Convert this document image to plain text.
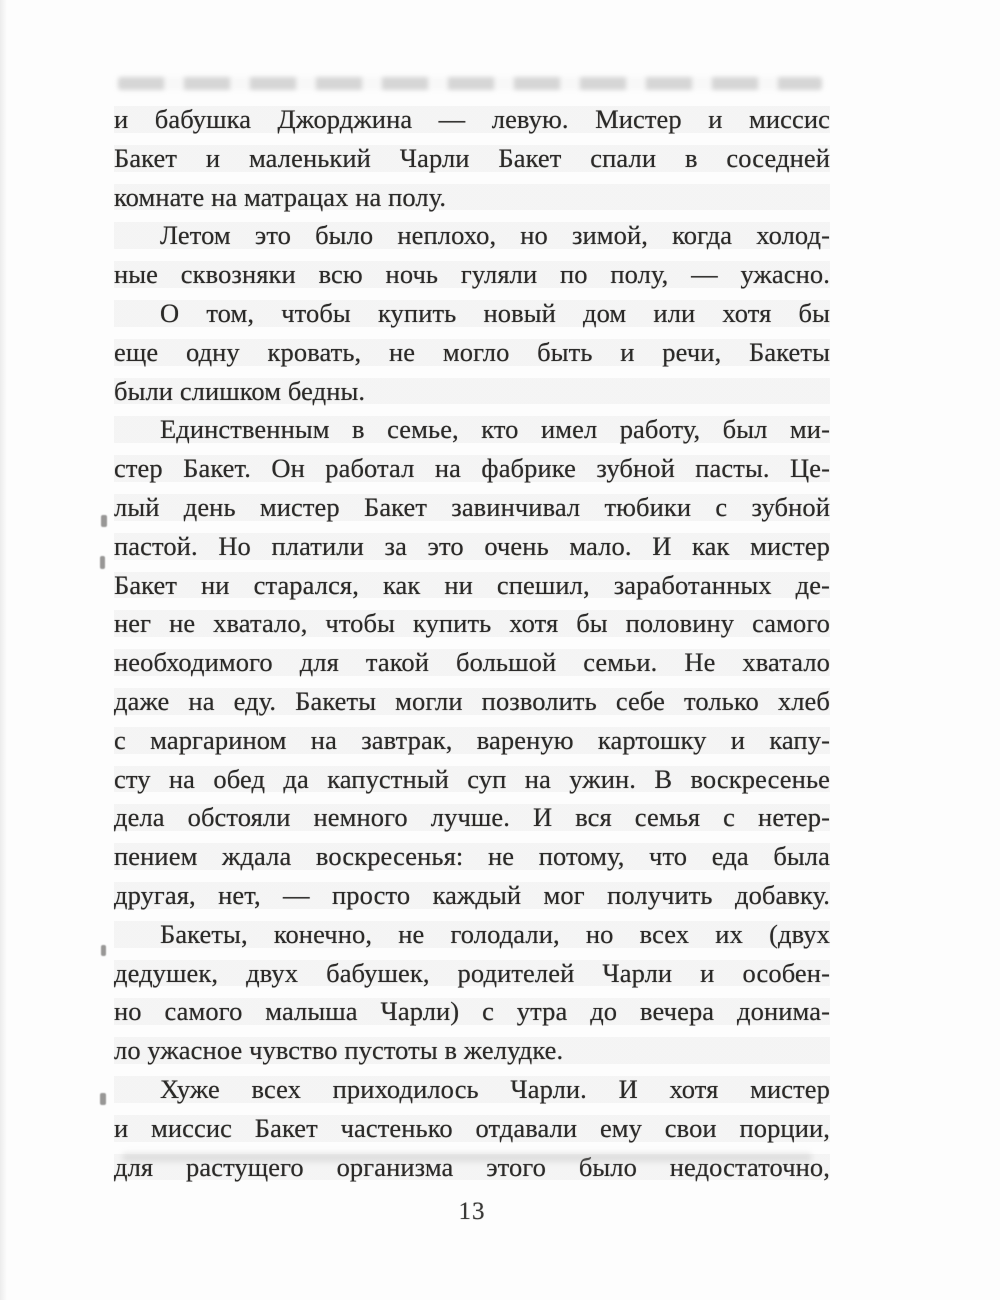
и бабушка Джорджина — левую. Мистер и миссис
Бакет и маленький Чарли Бакет спали в соседней
комнате на матрацах на полу.
Летом это было неплохо, но зимой, когда холод-
ные сквозняки всю ночь гуляли по полу, — ужасно.
О том, чтобы купить новый дом или хотя бы
еще одну кровать, не могло быть и речи, Бакеты
были слишком бедны.
Единственным в семье, кто имел работу, был ми-
стер Бакет. Он работал на фабрике зубной пасты. Це-
лый день мистер Бакет завинчивал тюбики с зубной
пастой. Но платили за это очень мало. И как мистер
Бакет ни старался, как ни спешил, заработанных де-
нег не хватало, чтобы купить хотя бы половину самого
необходимого для такой большой семьи. Не хватало
даже на еду. Бакеты могли позволить себе только хлеб
с маргарином на завтрак, вареную картошку и капу-
сту на обед да капустный суп на ужин. В воскресенье
дела обстояли немного лучше. И вся семья с нетер-
пением ждала воскресенья: не потому, что еда была
другая, нет, — просто каждый мог получить добавку.
Бакеты, конечно, не голодали, но всех их (двух
дедушек, двух бабушек, родителей Чарли и особен-
но самого малыша Чарли) с утра до вечера донима-
ло ужасное чувство пустоты в желудке.
Хуже всех приходилось Чарли. И хотя мистер
и миссис Бакет частенько отдавали ему свои порции,
для растущего организма этого было недостаточно,
13
